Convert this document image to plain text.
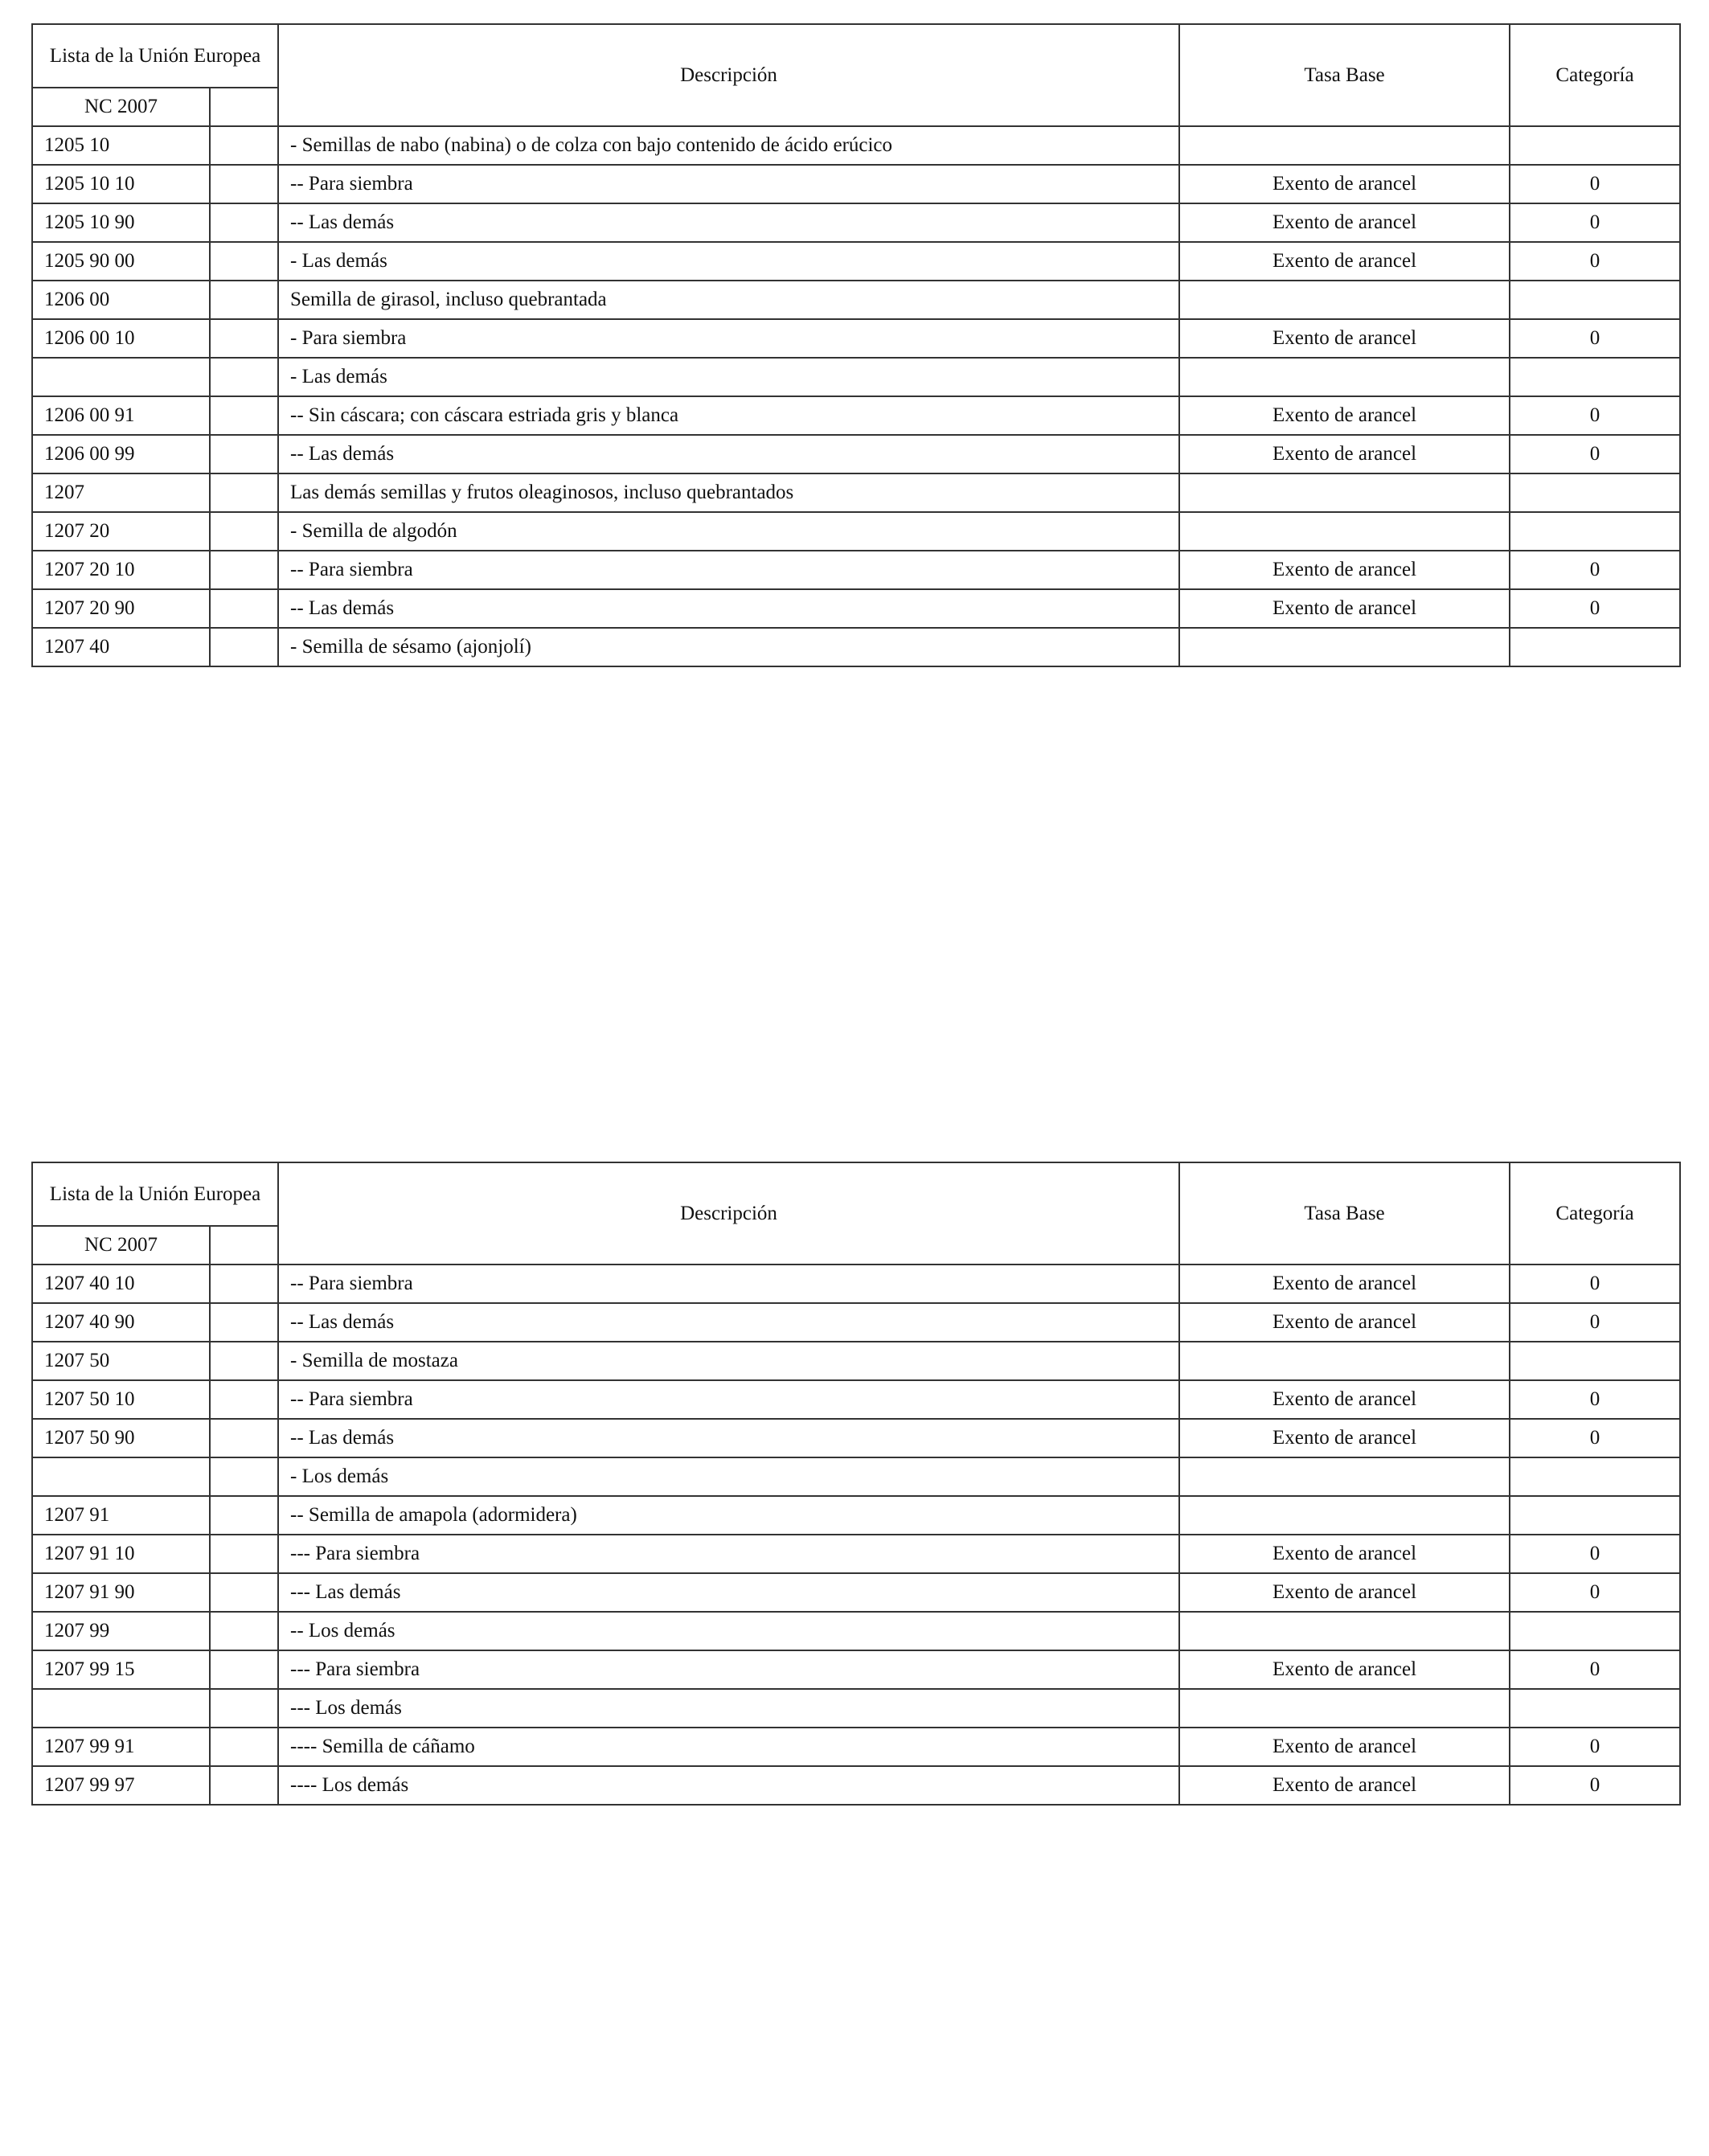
Lista de la Unión Europea		Descripción	Tasa Base	Categoría
NC 2007				
1205 10		- Semillas de nabo (nabina) o de colza con bajo contenido de ácido erúcico		
1205 10 10		-- Para siembra	Exento de arancel	0
1205 10 90		-- Las demás	Exento de arancel	0
1205 90 00		- Las demás	Exento de arancel	0
1206 00		Semilla de girasol, incluso quebrantada		
1206 00 10		- Para siembra	Exento de arancel	0
		- Las demás		
1206 00 91		-- Sin cáscara; con cáscara estriada gris y blanca	Exento de arancel	0
1206 00 99		-- Las demás	Exento de arancel	0
1207		Las demás semillas y frutos oleaginosos, incluso quebrantados		
1207 20		- Semilla de algodón		
1207 20 10		-- Para siembra	Exento de arancel	0
1207 20 90		-- Las demás	Exento de arancel	0
1207 40		- Semilla de sésamo (ajonjolí)		
Lista de la Unión Europea		Descripción	Tasa Base	Categoría
NC 2007				
1207 40 10		-- Para siembra	Exento de arancel	0
1207 40 90		-- Las demás	Exento de arancel	0
1207 50		- Semilla de mostaza		
1207 50 10		-- Para siembra	Exento de arancel	0
1207 50 90		-- Las demás	Exento de arancel	0
		- Los demás		
1207 91		-- Semilla de amapola (adormidera)		
1207 91 10		--- Para siembra	Exento de arancel	0
1207 91 90		--- Las demás	Exento de arancel	0
1207 99		-- Los demás		
1207 99 15		--- Para siembra	Exento de arancel	0
		--- Los demás		
1207 99 91		---- Semilla de cáñamo	Exento de arancel	0
1207 99 97		---- Los demás	Exento de arancel	0
